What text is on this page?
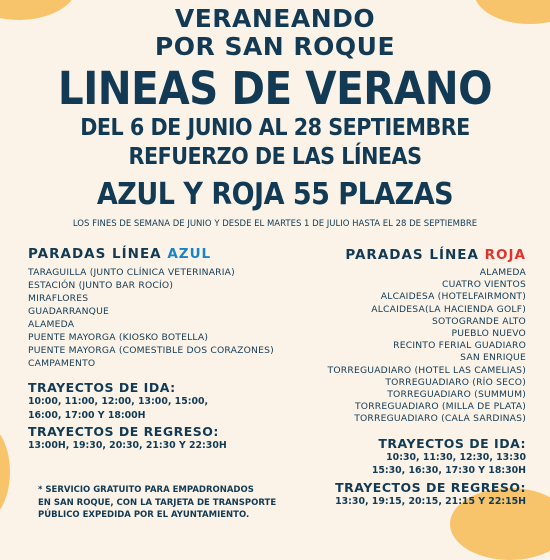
VERANEANDO
POR SAN ROQUE
LINEAS DE VERANO
DEL 6 DE JUNIO AL 28 SEPTIEMBRE
REFUERZO DE LAS LÍNEAS
AZUL Y ROJA 55 PLAZAS
LOS FINES DE SEMANA DE JUNIO Y DESDE EL MARTES 1 DE JULIO HASTA EL 28 DE SEPTIEMBRE
PARADAS LÍNEA AZUL
TARAGUILLA (JUNTO CLÍNICA VETERINARIA)
ESTACIÓN (JUNTO BAR ROCÍO)
MIRAFLORES
GUADARRANQUE
ALAMEDA
PUENTE MAYORGA (KIOSKO BOTELLA)
PUENTE MAYORGA (COMESTIBLE DOS CORAZONES)
CAMPAMENTO
TRAYECTOS DE IDA:
10:00, 11:00, 12:00, 13:00, 15:00,
16:00, 17:00 Y 18:00H
TRAYECTOS DE REGRESO:
13:00H, 19:30, 20:30, 21:30 Y 22:30H
PARADAS LÍNEA ROJA
ALAMEDA
CUATRO VIENTOS
ALCAIDESA (HOTELFAIRMONT)
ALCAIDESA(LA HACIENDA GOLF)
SOTOGRANDE ALTO
PUEBLO NUEVO
RECINTO FERIAL GUADIARO
SAN ENRIQUE
TORREGUADIARO (HOTEL LAS CAMELIAS)
TORREGUADIARO (RÍO SECO)
TORREGUADIARO (SUMMUM)
TORREGUADIARO (MILLA DE PLATA)
TORREGUADIARO (CALA SARDINAS)
TRAYECTOS DE IDA:
10:30, 11:30, 12:30, 13:30
15:30, 16:30, 17:30 Y 18:30H
TRAYECTOS DE REGRESO:
13:30, 19:15, 20:15, 21:15 Y 22:15H
* SERVICIO GRATUITO PARA EMPADRONADOS
EN SAN ROQUE, CON LA TARJETA DE TRANSPORTE
PÚBLICO EXPEDIDA POR EL AYUNTAMIENTO.
